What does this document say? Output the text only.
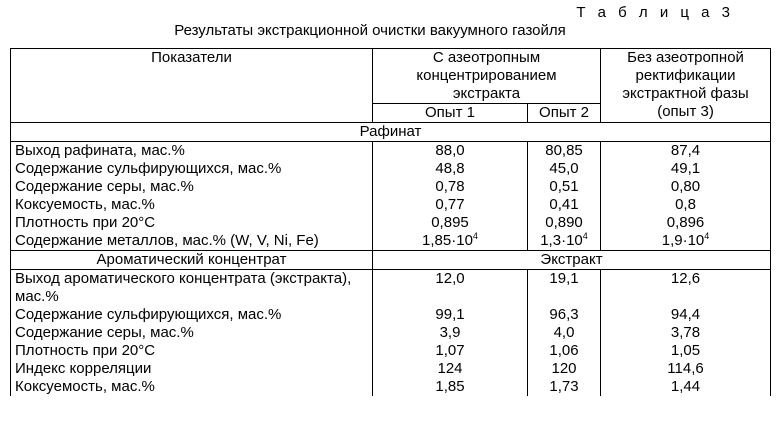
Т а б л и ц а 3
Результаты экстракционной очистки вакуумного газойля
Показатели	С азеотропным концентрированием экстракта		Без азеотропной ректификации экстрактной фазы (опыт 3)
	Опыт 1	Опыт 2	
Рафинат			
Выход рафината, мас.%	88,0	80,85	87,4
Содержание сульфирующихся, мас.%	48,8	45,0	49,1
Содержание серы, мас.%	0,78	0,51	0,80
Коксуемость, мас.%	0,77	0,41	0,8
Плотность при 20°С	0,895	0,890	0,896
Содержание металлов, мас.% (W, V, Ni, Fe)	$1,85\cdot 10^4$	$1,3\cdot 10^4$	$1,9\cdot 10^4$
Ароматический концентрат	Экстракт		
Выход ароматического концентрата (экстракта), мас.%	12,0	19,1	12,6
Содержание сульфирующихся, мас.%	99,1	96,3	94,4
Содержание серы, мас.%	3,9	4,0	3,78
Плотность при 20°С	1,07	1,06	1,05
Индекс корреляции	124	120	114,6
Коксуемость, мас.%	1,85	1,73	1,44
